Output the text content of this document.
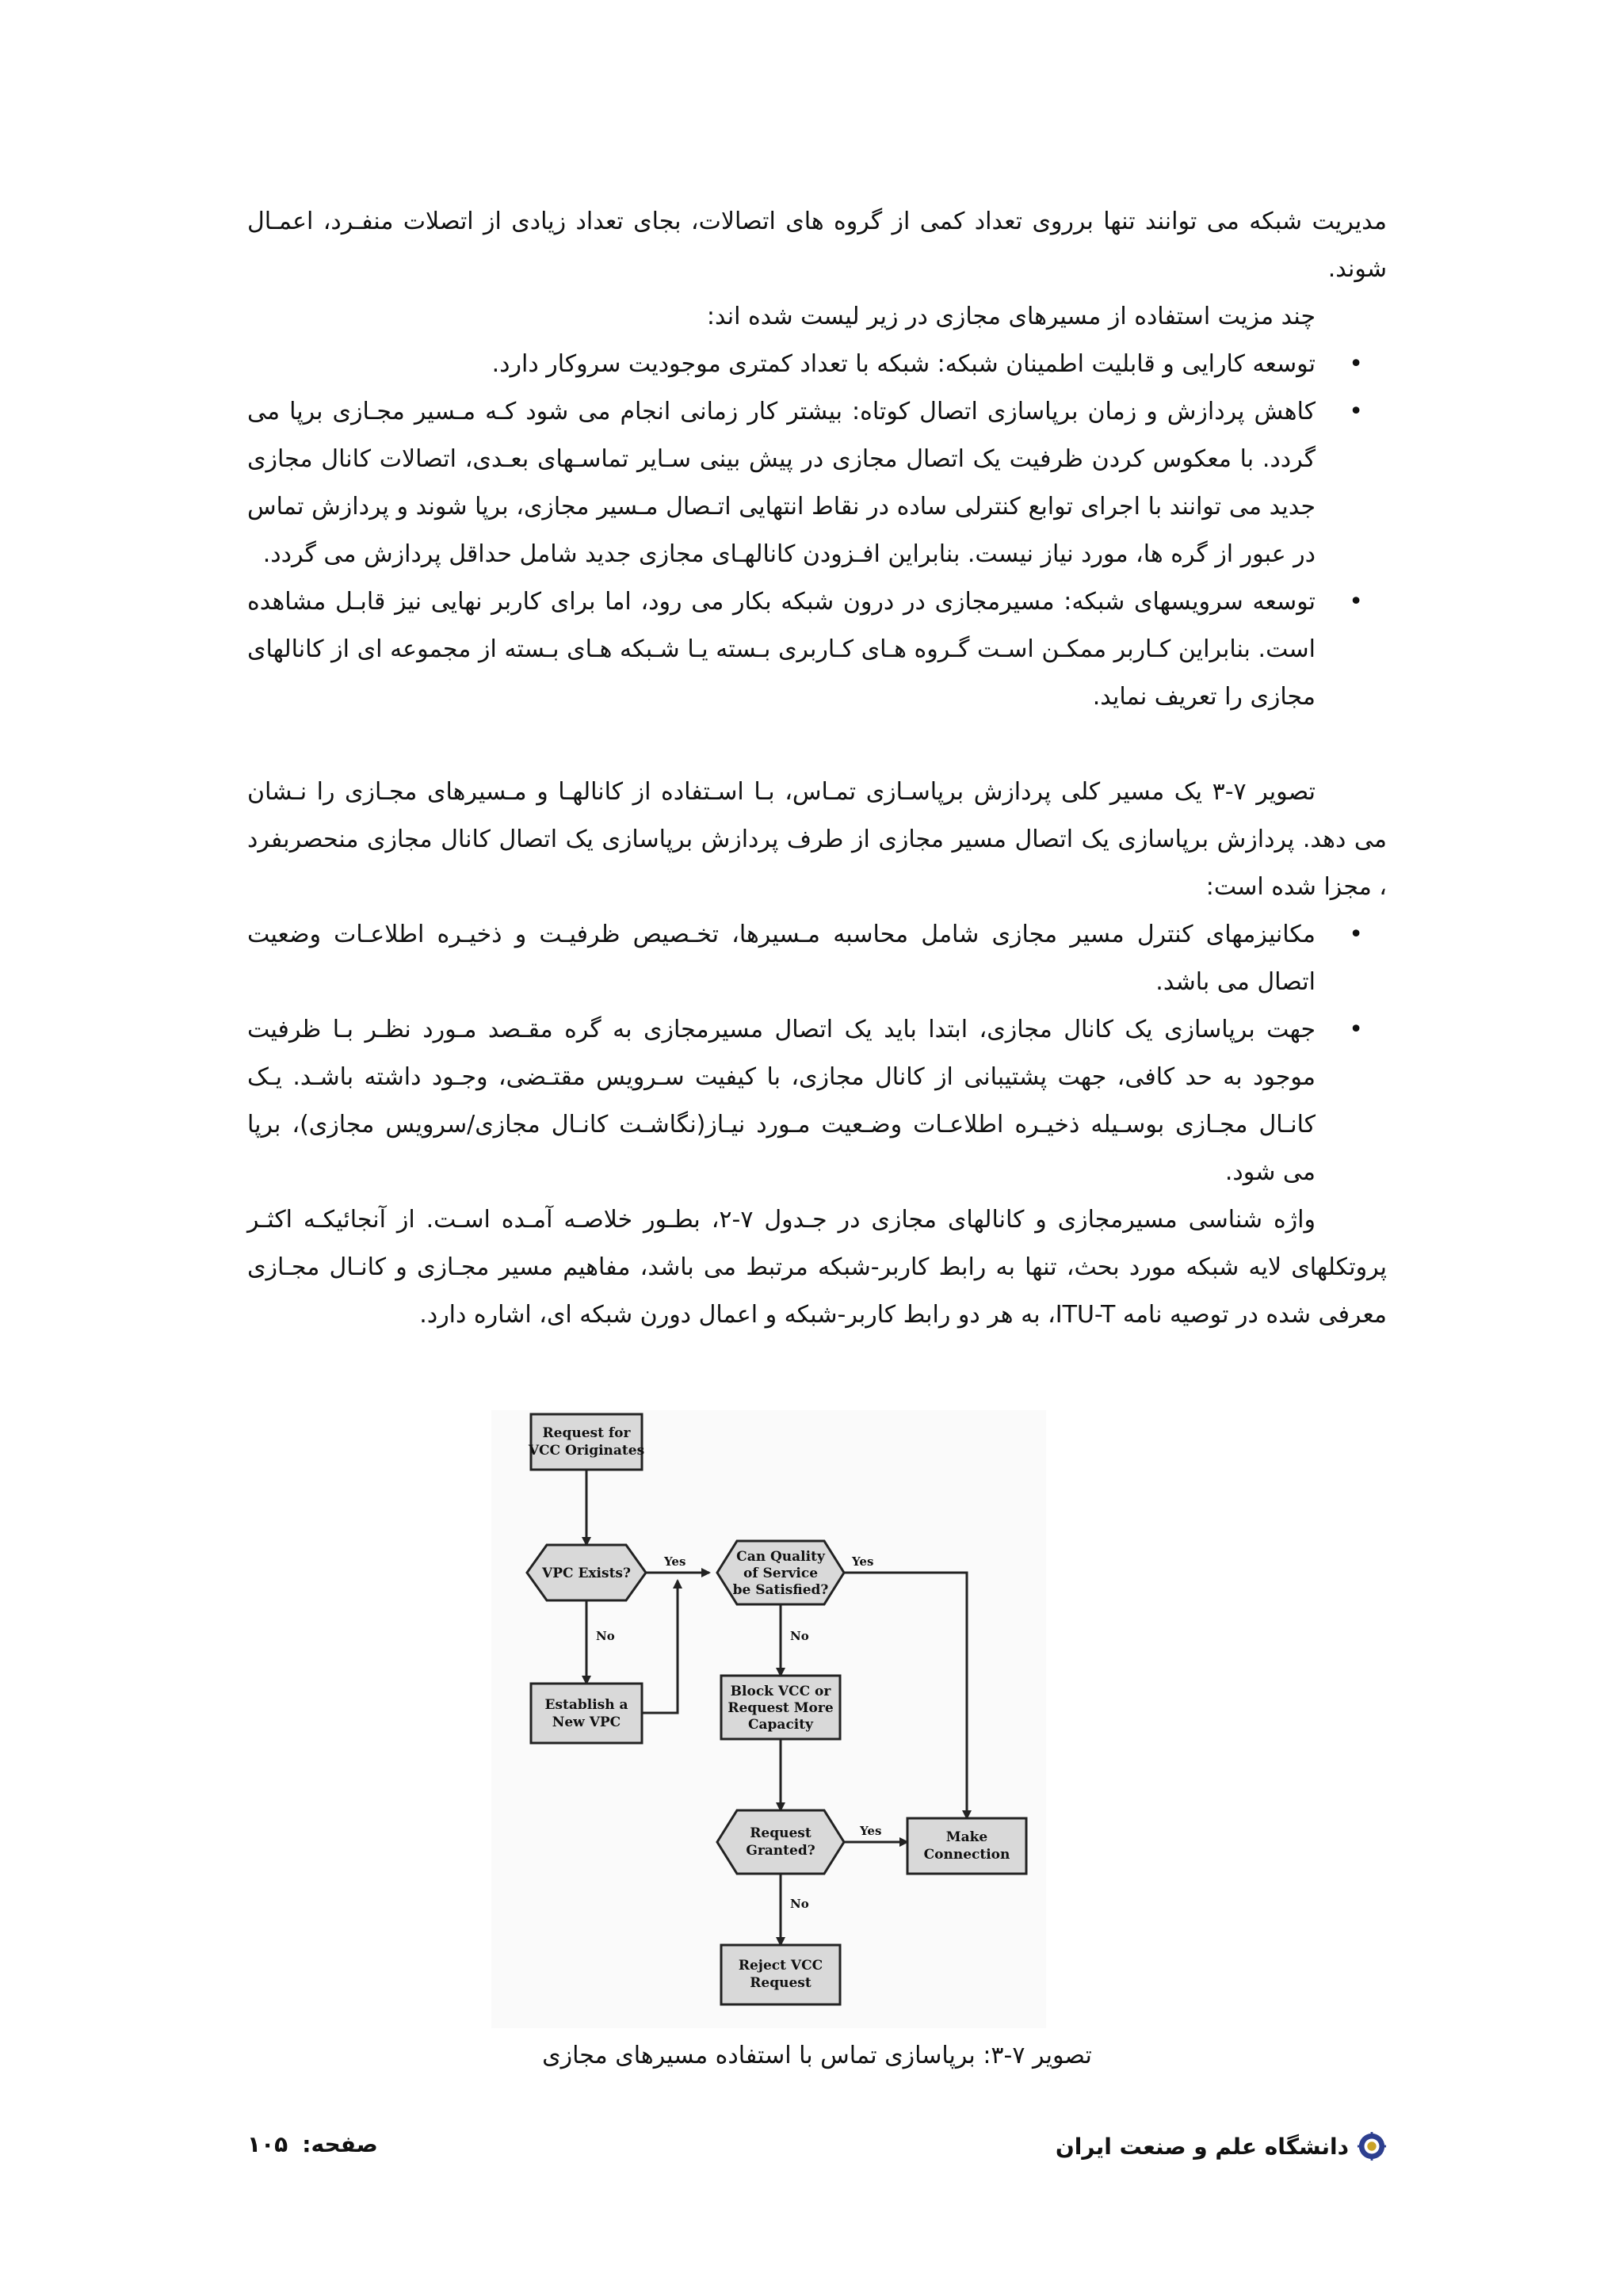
مدیریت شبکه می توانند تنها برروی تعداد کمی از گروه های اتصالات، بجای تعداد زیادی از اتصلات منفـرد، اعمـال شوند.

چند مزیت استفاده از مسیرهای مجازی در زیر لیست شده اند:

• توسعه کارایی و قابلیت اطمینان شبکه: شبکه با تعداد کمتری موجودیت سروکار دارد.
• کاهش پردازش و زمان برپاسازی اتصال کوتاه: بیشتر کار زمانی انجام می شود کـه مـسیر مجـازی برپا می گردد. با معکوس کردن ظرفیت یک اتصال مجازی در پیش بینی سـایر تماسـهای بعـدی، اتصالات کانال مجازی جدید می توانند با اجرای توابع کنترلی ساده در نقاط انتهایی اتـصال مـسیر مجازی، برپا شوند و پردازش تماس در عبور از گره ها، مورد نیاز نیست. بنابراین افـزودن کانالهـای مجازی جدید شامل حداقل پردازش می گردد.
• توسعه سرویسهای شبکه: مسیرمجازی در درون شبکه بکار می رود، اما برای کاربر نهایی نیز قابـل مشاهده است. بنابراین کـاربر ممکـن اسـت گـروه هـای کـاربری بـسته یـا شـبکه هـای بـسته از مجموعه ای از کانالهای مجازی را تعریف نماید.

تصویر ۷-۳ یک مسیر کلی پردازش برپاسـازی تمـاس، بـا اسـتفاده از کانالهـا و مـسیرهای مجـازی را نـشان می دهد. پردازش برپاسازی یک اتصال مسیر مجازی از طرف پردازش برپاسازی یک اتصال کانال مجازی منحصربفرد ، مجزا شده است:

• مکانیزمهای کنترل مسیر مجازی شامل محاسبه مـسیرها، تخـصیص ظرفیـت و ذخیـره اطلاعـات وضعیت اتصال می باشد.
• جهت برپاسازی یک کانال مجازی، ابتدا باید یک اتصال مسیرمجازی به گره مقـصد مـورد نظـر بـا ظرفیت موجود به حد کافی، جهت پشتیبانی از کانال مجازی، با کیفیت سـرویس مقتـضی، وجـود داشته باشـد. یـک کانـال مجـازی بوسـیله ذخیـره اطلاعـات وضـعیت مـورد نیـاز(نگاشـت کانـال مجازی/سرویس مجازی)، برپا می شود.

واژه شناسی مسیرمجازی و کانالهای مجازی در جـدول ۷-۲، بطـور خلاصـه آمـده اسـت. از آنجائیکـه اکثـر پروتکلهای لایه شبکه مورد بحث، تنها به رابط کاربر-شبکه مرتبط می باشد، مفاهیم مسیر مجـازی و کانـال مجـازی معرفی شده در توصیه نامه ITU-T، به هر دو رابط کاربر-شبکه و اعمال دورن شبکه ای، اشاره دارد.

Request for
VCC Originates
VPC Exists?
Can Quality
of Service
be Satisfied?
Establish a
New VPC
Block VCC or
Request More
Capacity
Request
Granted?
Make
Connection
Reject VCC
Request
Yes	Yes
Yes
No	No
No
تصویر ۷-۳: برپاسازی تماس با استفاده مسیرهای مجازی
دانشگاه علم و صنعت ایران
صفحه:
۱۰۵
